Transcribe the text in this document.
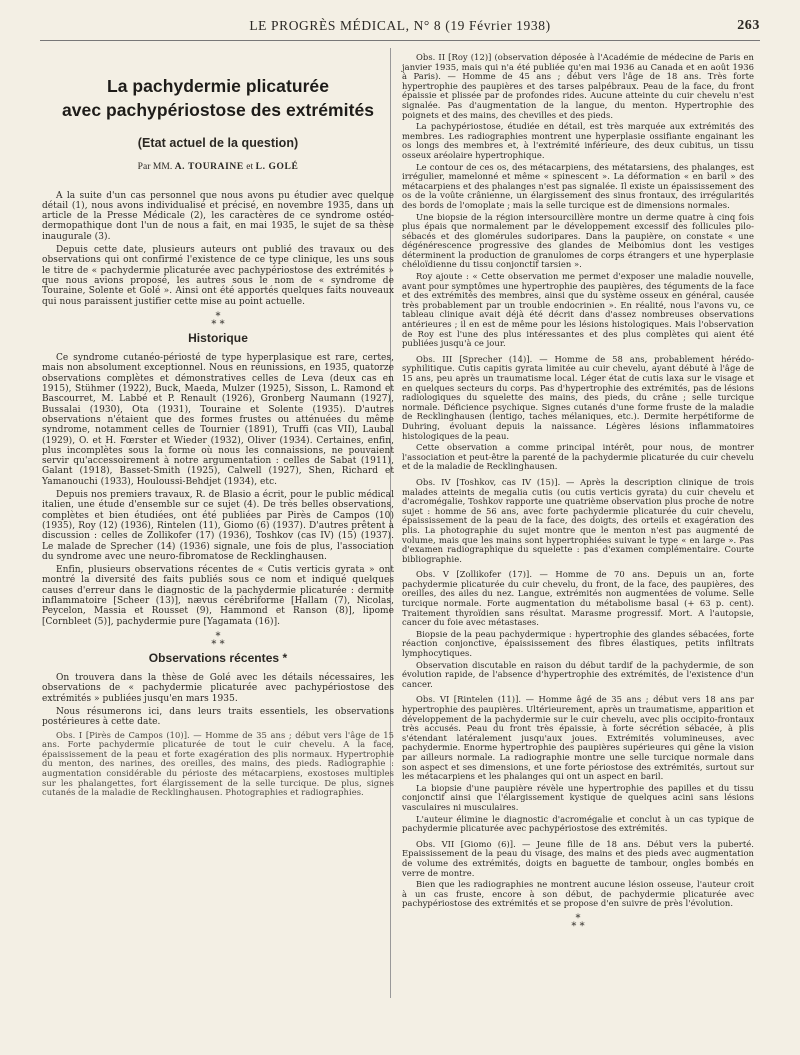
LE PROGRÈS MÉDICAL, N° 8 (19 Février 1938)	263
La pachydermie plicaturée
avec pachypériostose des extrémités
(Etat actuel de la question)
Par MM. A. TOURAINE et L. GOLÉ

A la suite d'un cas personnel que nous avons pu étudier avec quelque détail (1), nous avons individualisé et précisé, en novembre 1935, dans un article de la Presse Médicale (2), les caractères de ce syndrome ostéo-dermopathique dont l'un de nous a fait, en mai 1935, le sujet de sa thèse inaugurale (3).

Depuis cette date, plusieurs auteurs ont publié des travaux ou des observations qui ont confirmé l'existence de ce type clinique, les uns sous le titre de « pachydermie plicaturée avec pachypériostose des extrémités » que nous avions proposé, les autres sous le nom de « syndrome de Touraine, Solente et Golé ». Ainsi ont été apportés quelques faits nouveaux qui nous paraissent justifier cette mise au point actuelle.

*
* *
Historique

Ce syndrome cutanéo-périosté de type hyperplasique est rare, certes, mais non absolument exceptionnel. Nous en réunissions, en 1935, quatorze observations complètes et démonstratives celles de Leva (deux cas en 1915), Stühmer (1922), Buck, Maeda, Mulzer (1925), Sisson, L. Ramond et Bascourret, M. Labbé et P. Renault (1926), Gronberg Naumann (1927), Bussalai (1930), Ota (1931), Touraine et Solente (1935). D'autres observations n'étaient que des formes frustes ou atténuées du même syndrome, notamment celles de Tournier (1891), Truffi (cas VII), Laubal (1929), O. et H. Fœrster et Wieder (1932), Oliver (1934). Certaines, enfin, plus incomplètes sous la forme où nous les connaissions, ne pouvaient servir qu'accessoirement à notre argumentation : celles de Sabat (1911), Galant (1918), Basset-Smith (1925), Calwell (1927), Shen, Richard et Yamanouchi (1933), Houloussi-Behdjet (1934), etc.

Depuis nos premiers travaux, R. de Blasio a écrit, pour le public médical italien, une étude d'ensemble sur ce sujet (4). De très belles observations, complètes et bien étudiées, ont été publiées par Pirès de Campos (10) (1935), Roy (12) (1936), Rintelen (11), Giomo (6) (1937). D'autres prêtent à discussion : celles de Zollikofer (17) (1936), Toshkov (cas IV) (15) (1937). Le malade de Sprecher (14) (1936) signale, une fois de plus, l'association du syndrome avec une neuro-fibromatose de Recklinghausen.

Enfin, plusieurs observations récentes de « Cutis verticis gyrata » ont montré la diversité des faits publiés sous ce nom et indiqué quelques causes d'erreur dans le diagnostic de la pachydermie plicaturée : dermite inflammatoire [Scheer (13)], nævus cérébriforme [Hallam (7), Nicolas, Peycelon, Massia et Rousset (9), Hammond et Ranson (8)], lipome [Cornbleet (5)], pachydermie pure [Yagamata (16)].

*
* *
Observations récentes *

On trouvera dans la thèse de Golé avec les détails nécessaires, les observations de « pachydermie plicaturée avec pachypériostose des extrémités » publiées jusqu'en mars 1935.

Nous résumerons ici, dans leurs traits essentiels, les observations postérieures à cette date.

Obs. I [Pirès de Campos (10)]. — Homme de 35 ans ; début vers l'âge de 15 ans. Forte pachydermie plicaturée de tout le cuir chevelu. A la face, épaississement de la peau et forte exagération des plis normaux. Hypertrophie du menton, des narines, des oreilles, des mains, des pieds. Radiographie : augmentation considérable du périoste des métacarpiens, exostoses multiples sur les phalangettes, fort élargissement de la selle turcique. De plus, signes cutanés de la maladie de Recklinghausen. Photographies et radiographies.

Obs. II [Roy (12)] (observation déposée à l'Académie de médecine de Paris en janvier 1935, mais qui n'a été publiée qu'en mai 1936 au Canada et en août 1936 à Paris). — Homme de 45 ans ; début vers l'âge de 18 ans. Très forte hypertrophie des paupières et des tarses palpébraux. Peau de la face, du front épaissie et plissée par de profondes rides. Aucune atteinte du cuir chevelu n'est signalée. Pas d'augmentation de la langue, du menton. Hypertrophie des poignets et des mains, des chevilles et des pieds.

La pachypériostose, étudiée en détail, est très marquée aux extrémités des membres. Les radiographies montrent une hyperplasie ossifiante engainant les os longs des membres et, à l'extrémité inférieure, des deux cubitus, un tissu osseux aréolaire hypertrophique.

Le contour de ces os, des métacarpiens, des métatarsiens, des phalanges, est irrégulier, mamelonné et même « spinescent ». La déformation « en baril » des métacarpiens et des phalanges n'est pas signalée. Il existe un épaississement des os de la voûte crânienne, un élargissement des sinus frontaux, des irrégularités des bords de l'omoplate ; mais la selle turcique est de dimensions normales.

Une biopsie de la région intersourcillère montre un derme quatre à cinq fois plus épais que normalement par le développement excessif des follicules pilo-sébacés et des glomérules sudoripares. Dans la paupière, on constate « une dégénérescence progressive des glandes de Meibomius dont les vestiges déterminent la production de granulomes de corps étrangers et une hyperplasie chéloïdienne du tissu conjonctif tarsien ».

Roy ajoute : « Cette observation me permet d'exposer une maladie nouvelle, avant pour symptômes une hypertrophie des paupières, des téguments de la face et des extrémités des membres, ainsi que du système osseux en général, causée très probablement par un trouble endocrinien ». En réalité, nous l'avons vu, ce tableau clinique avait déjà été décrit dans d'assez nombreuses observations antérieures ; il en est de même pour les lésions histologiques. Mais l'observation de Roy est l'une des plus intéressantes et des plus complètes qui aient été publiées jusqu'à ce jour.

Obs. III [Sprecher (14)]. — Homme de 58 ans, probablement hérédo-syphilitique. Cutis capitis gyrata limitée au cuir chevelu, ayant débuté à l'âge de 15 ans, peu après un traumatisme local. Léger état de cutis laxa sur le visage et en quelques secteurs du corps. Pas d'hypertrophie des extrémités, pas de lésions radiologiques du squelette des mains, des pieds, du crâne ; selle turcique normale. Déficience psychique. Signes cutanés d'une forme fruste de la maladie de Recklinghausen (lentigo, taches mélaniques, etc.). Dermite herpétiforme de Duhring, évoluant depuis la naissance. Légères lésions inflammatoires histologiques de la peau.

Cette observation a comme principal intérêt, pour nous, de montrer l'association et peut-être la parenté de la pachydermie plicaturée du cuir chevelu et de la maladie de Recklinghausen.

Obs. IV [Toshkov, cas IV (15)]. — Après la description clinique de trois malades atteints de megalia cutis (ou cutis verticis gyrata) du cuir chevelu et d'acromégalie, Toshkov rapporte une quatrième observation plus proche de notre sujet : homme de 56 ans, avec forte pachydermie plicaturée du cuir chevelu, épaississement de la peau de la face, des doigts, des orteils et exagération des plis. La photographie du sujet montre que le menton n'est pas augmenté de volume, mais que les mains sont hypertrophiées suivant le type « en large ». Pas d'examen radiographique du squelette : pas d'examen complémentaire. Courte bibliographie.

Obs. V [Zollikofer (17)]. — Homme de 70 ans. Depuis un an, forte pachydermie plicaturée du cuir chevelu, du front, de la face, des paupières, des oreilles, des ailes du nez. Langue, extrémités non augmentées de volume. Selle turcique normale. Forte augmentation du métabolisme basal (+ 63 p. cent). Traitement thyroïdien sans résultat. Marasme progressif. Mort. A l'autopsie, cancer du foie avec métastases.

Biopsie de la peau pachydermique : hypertrophie des glandes sébacées, forte réaction conjonctive, épaississement des fibres élastiques, petits infiltrats lymphocytiques.

Observation discutable en raison du début tardif de la pachydermie, de son évolution rapide, de l'absence d'hypertrophie des extrémités, de l'existence d'un cancer.

Obs. VI [Rintelen (11)]. — Homme âgé de 35 ans ; début vers 18 ans par hypertrophie des paupières. Ultérieurement, après un traumatisme, apparition et développement de la pachydermie sur le cuir chevelu, avec plis occipito-frontaux très accusés. Peau du front très épaissie, à forte sécrétion sébacée, à plis s'étendant latéralement jusqu'aux joues. Extrémités volumineuses, avec pachydermie. Enorme hypertrophie des paupières supérieures qui gêne la vision par ailleurs normale. La radiographie montre une selle turcique normale dans son aspect et ses dimensions, et une forte périostose des extrémités, surtout sur les métacarpiens et les phalanges qui ont un aspect en baril.

La biopsie d'une paupière révèle une hypertrophie des papilles et du tissu conjonctif ainsi que l'élargissement kystique de quelques acini sans lésions vasculaires ni musculaires.

L'auteur élimine le diagnostic d'acromégalie et conclut à un cas typique de pachydermie plicaturée avec pachypériostose des extrémités.

Obs. VII [Giomo (6)]. — Jeune fille de 18 ans. Début vers la puberté. Epaississement de la peau du visage, des mains et des pieds avec augmentation de volume des extrémités, doigts en baguette de tambour, ongles bombés en verre de montre.

Bien que les radiographies ne montrent aucune lésion osseuse, l'auteur croit à un cas fruste, encore à son début, de pachydermie plicaturée avec pachypériostose des extrémités et se propose d'en suivre de près l'évolution.

*
* *
